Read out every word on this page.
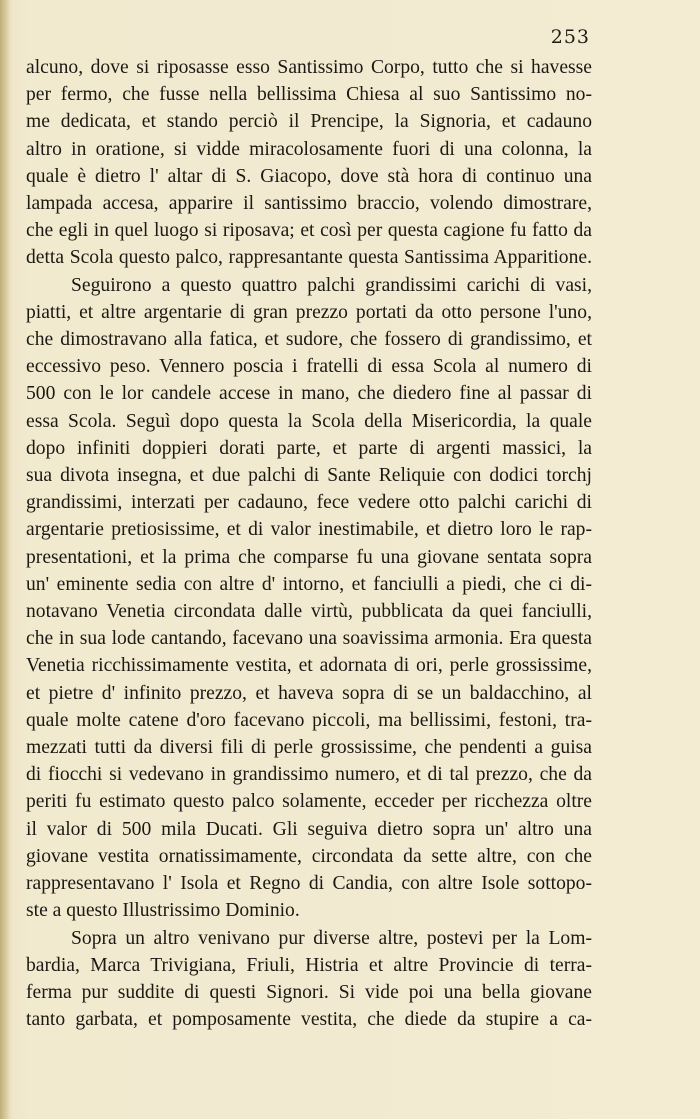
253

alcuno, dove si riposasse esso Santissimo Corpo, tutto che si havesse
per fermo, che fusse nella bellissima Chiesa al suo Santissimo no-
me dedicata, et stando perciò il Prencipe, la Signoria, et cadauno
altro in oratione, si vidde miracolosamente fuori di una colonna, la
quale è dietro l' altar di S. Giacopo, dove stà hora di continuo una
lampada accesa, apparire il santissimo braccio, volendo dimostrare,
che egli in quel luogo si riposava; et così per questa cagione fu fatto da
detta Scola questo palco, rappresantante questa Santissima Apparitione.
Seguirono a questo quattro palchi grandissimi carichi di vasi,
piatti, et altre argentarie di gran prezzo portati da otto persone l'uno,
che dimostravano alla fatica, et sudore, che fossero di grandissimo, et
eccessivo peso. Vennero poscia i fratelli di essa Scola al numero di
500 con le lor candele accese in mano, che diedero fine al passar di
essa Scola. Seguì dopo questa la Scola della Misericordia, la quale
dopo infiniti doppieri dorati parte, et parte di argenti massici, la
sua divota insegna, et due palchi di Sante Reliquie con dodici torchj
grandissimi, interzati per cadauno, fece vedere otto palchi carichi di
argentarie pretiosissime, et di valor inestimabile, et dietro loro le rap-
presentationi, et la prima che comparse fu una giovane sentata sopra
un' eminente sedia con altre d' intorno, et fanciulli a piedi, che ci di-
notavano Venetia circondata dalle virtù, pubblicata da quei fanciulli,
che in sua lode cantando, facevano una soavissima armonia. Era questa
Venetia ricchissimamente vestita, et adornata di ori, perle grossissime,
et pietre d' infinito prezzo, et haveva sopra di se un baldacchino, al
quale molte catene d'oro facevano piccoli, ma bellissimi, festoni, tra-
mezzati tutti da diversi fili di perle grossissime, che pendenti a guisa
di fiocchi si vedevano in grandissimo numero, et di tal prezzo, che da
periti fu estimato questo palco solamente, ecceder per ricchezza oltre
il valor di 500 mila Ducati. Gli seguiva dietro sopra un' altro una
giovane vestita ornatissimamente, circondata da sette altre, con che
rappresentavano l' Isola et Regno di Candia, con altre Isole sottopo-
ste a questo Illustrissimo Dominio.
Sopra un altro venivano pur diverse altre, postevi per la Lom-
bardia, Marca Trivigiana, Friuli, Histria et altre Provincie di terra-
ferma pur suddite di questi Signori. Si vide poi una bella giovane
tanto garbata, et pomposamente vestita, che diede da stupire a ca-
